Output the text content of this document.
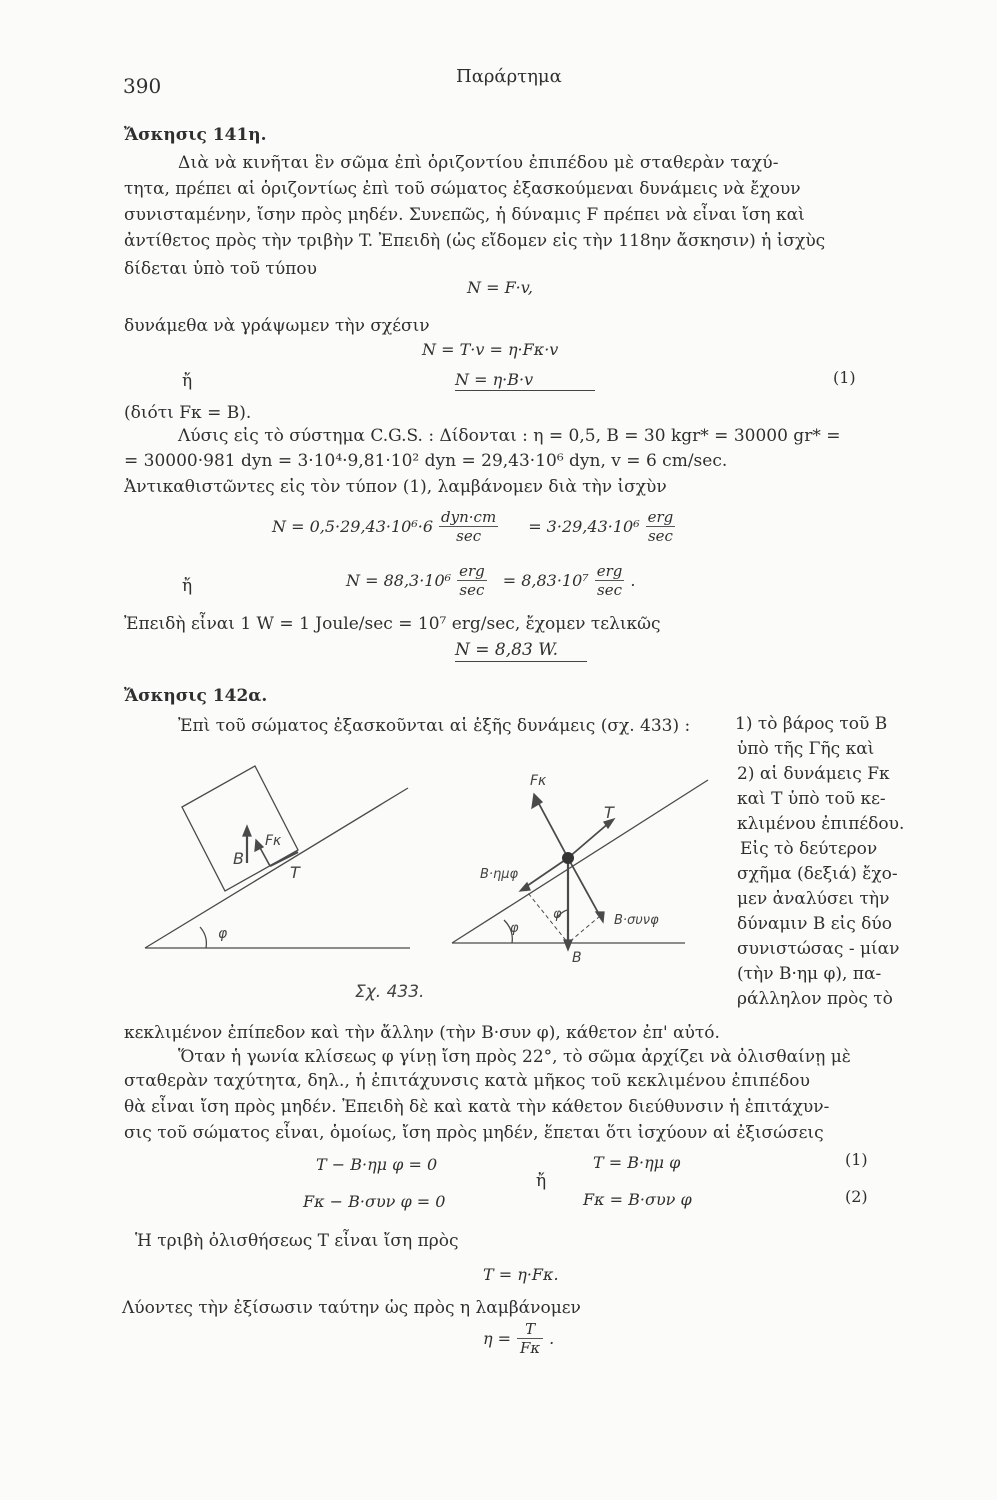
390	Παράρτημα
Ἄσκησις 141η.
Διὰ νὰ κινῆται ἓν σῶμα ἐπὶ ὁριζοντίου ἐπιπέδου μὲ σταθερὰν ταχύ-
τητα, πρέπει αἱ ὁριζοντίως ἐπὶ τοῦ σώματος ἐξασκούμεναι δυνάμεις νὰ ἔχουν
συνισταμένην, ἴσην πρὸς μηδέν. Συνεπῶς, ἡ δύναμις F πρέπει νὰ εἶναι ἴση καὶ
ἀντίθετος πρὸς τὴν τριβὴν T. Ἐπειδὴ (ὡς εἴδομεν εἰς τὴν 118ην ἄσκησιν) ἡ ἰσχὺς
δίδεται ὑπὸ τοῦ τύπου
N = F·v,
δυνάμεθα νὰ γράψωμεν τὴν σχέσιν
N = T·v = η·Fκ·v
ἤ	N = η·B·v	(1)
(διότι Fκ = B).
Λύσις εἰς τὸ σύστημα C.G.S. : Δίδονται : η = 0,5, B = 30 kgr* = 30000 gr* =
= 30000·981 dyn = 3·10⁴·9,81·10² dyn = 29,43·10⁶ dyn, v = 6 cm/sec.
Ἀντικαθιστῶντες εἰς τὸν τύπον (1), λαμβάνομεν διὰ τὴν ἰσχὺν
$N = 0,5\cdot 29,43\cdot 10^6\cdot 6 \frac{\text{dyn·cm}}{\sec} = 3\cdot 29,43\cdot 10^6 \frac{\text{erg}}{\sec}$
ἤ	$N = 88,3\cdot 10^6 \frac{\text{erg}}{\sec} = 8,83\cdot 10^7 \frac{\text{erg}}{\sec}$ .
Ἐπειδὴ εἶναι 1 W = 1 Joule/sec = 10⁷ erg/sec, ἔχομεν τελικῶς
N = 8,83 W.
Ἄσκησις 142α.
Ἐπὶ τοῦ σώματος ἐξασκοῦνται αἱ ἑξῆς δυνάμεις (σχ. 433) :	1) τὸ βάρος τοῦ B
ὑπὸ τῆς Γῆς καὶ
2) αἱ δυνάμεις Fκ
καὶ T ὑπὸ τοῦ κε-
κλιμένου ἐπιπέδου.
Εἰς τὸ δεύτερον
σχῆμα (δεξιά) ἔχο-
μεν ἀναλύσει τὴν
δύναμιν B εἰς δύο
συνιστώσας - μίαν
(τὴν B·ημ φ), πα-
ράλληλον πρὸς τὸ
B
Fκ
T
φ
Fκ
T
B·ημφ
φ
φ	B·συνφ
B
Σχ. 433.
κεκλιμένον ἐπίπεδον καὶ τὴν ἄλλην (τὴν B·συν φ), κάθετον ἐπ' αὐτό.
Ὅταν ἡ γωνία κλίσεως φ γίνῃ ἴση πρὸς 22°, τὸ σῶμα ἀρχίζει νὰ ὀλισθαίνῃ μὲ
σταθερὰν ταχύτητα, δηλ., ἡ ἐπιτάχυνσις κατὰ μῆκος τοῦ κεκλιμένου ἐπιπέδου
θὰ εἶναι ἴση πρὸς μηδέν. Ἐπειδὴ δὲ καὶ κατὰ τὴν κάθετον διεύθυνσιν ἡ ἐπιτάχυν-
σις τοῦ σώματος εἶναι, ὁμοίως, ἴση πρὸς μηδέν, ἕπεται ὅτι ἰσχύουν αἱ ἐξισώσεις
T − B·ημ φ = 0
ἤ
T = B·ημ φ	(1)
Fκ − B·συν φ = 0	Fκ = B·συν φ	(2)
Ἡ τριβὴ ὀλισθήσεως T εἶναι ἴση πρὸς
T = η·Fκ.
Λύοντες τὴν ἐξίσωσιν ταύτην ὡς πρὸς η λαμβάνομεν
$\eta = \frac{T}{F\kappa}$ .
